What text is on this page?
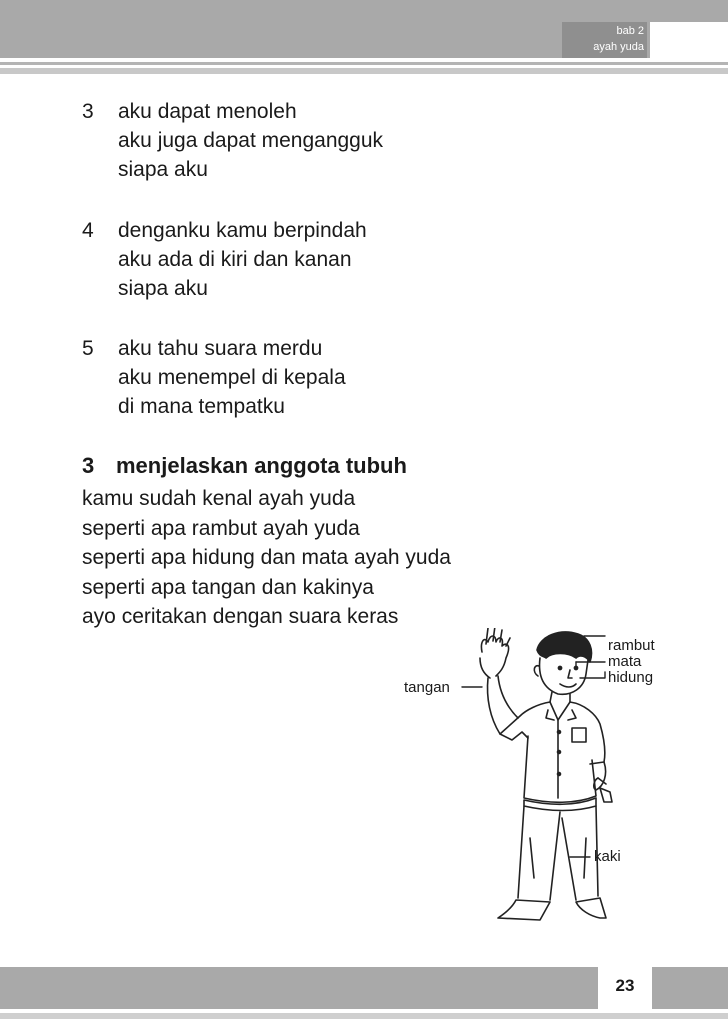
bab 2
ayah yuda
3	aku dapat menoleh
aku juga dapat mengangguk
siapa aku
4	denganku kamu berpindah
aku ada di kiri dan kanan
siapa aku
5	aku tahu suara merdu
aku menempel di kepala
di mana tempatku
3 menjelaskan anggota tubuh
kamu sudah kenal ayah yuda
seperti apa rambut ayah yuda
seperti apa hidung dan mata ayah yuda
seperti apa tangan dan kakinya
ayo ceritakan dengan suara keras
rambut
mata
hidung
tangan
kaki
23
